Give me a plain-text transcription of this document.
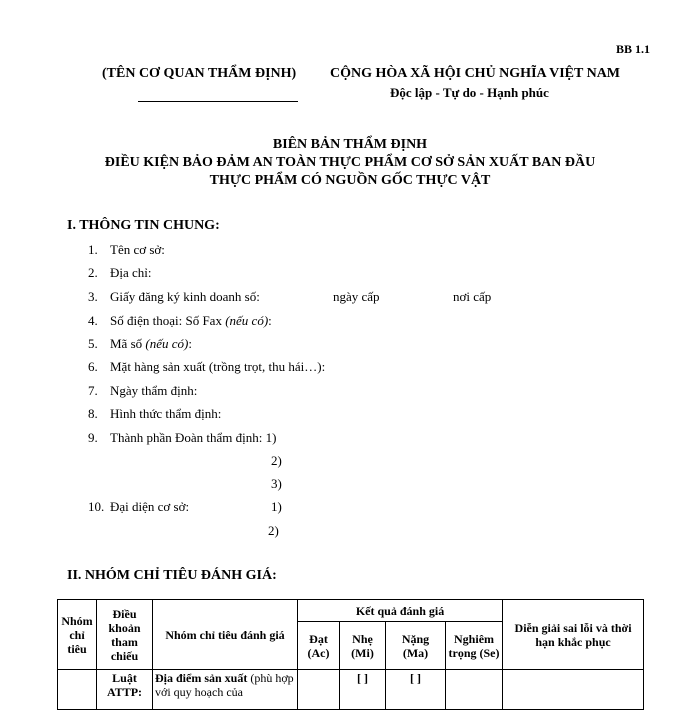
BB 1.1
(TÊN CƠ QUAN THẨM ĐỊNH) CỘNG HÒA XÃ HỘI CHỦ NGHĨA VIỆT NAM
Độc lập - Tự do - Hạnh phúc
BIÊN BẢN THẨM ĐỊNH
ĐIỀU KIỆN BẢO ĐẢM AN TOÀN THỰC PHẨM CƠ SỞ SẢN XUẤT BAN ĐẦU
THỰC PHẨM CÓ NGUỒN GỐC THỰC VẬT
I. THÔNG TIN CHUNG:
1. Tên cơ sở:
2. Địa chỉ:
3. Giấy đăng ký kinh doanh số:	ngày cấp	nơi cấp
4. Số điện thoại: Số Fax (nếu có):
5. Mã số (nếu có):
6. Mặt hàng sản xuất (trồng trọt, thu hái…):
7. Ngày thẩm định:
8. Hình thức thẩm định:
9. Thành phần Đoàn thẩm định: 1)
2)
3)
10. Đại diện cơ sở:	1)
2)
II. NHÓM CHỈ TIÊU ĐÁNH GIÁ:
Nhóm chỉ tiêu	Điều khoản tham chiếu	Nhóm chỉ tiêu đánh giá	Kết quả đánh giá				Diễn giải sai lỗi và thời hạn khắc phục
			Đạt (Ac)	Nhẹ (Mi)	Nặng (Ma)	Nghiêm trọng (Se)	
	Luật ATTP:	Địa điểm sản xuất (phù hợp với quy hoạch của		[ ]	[ ]		
